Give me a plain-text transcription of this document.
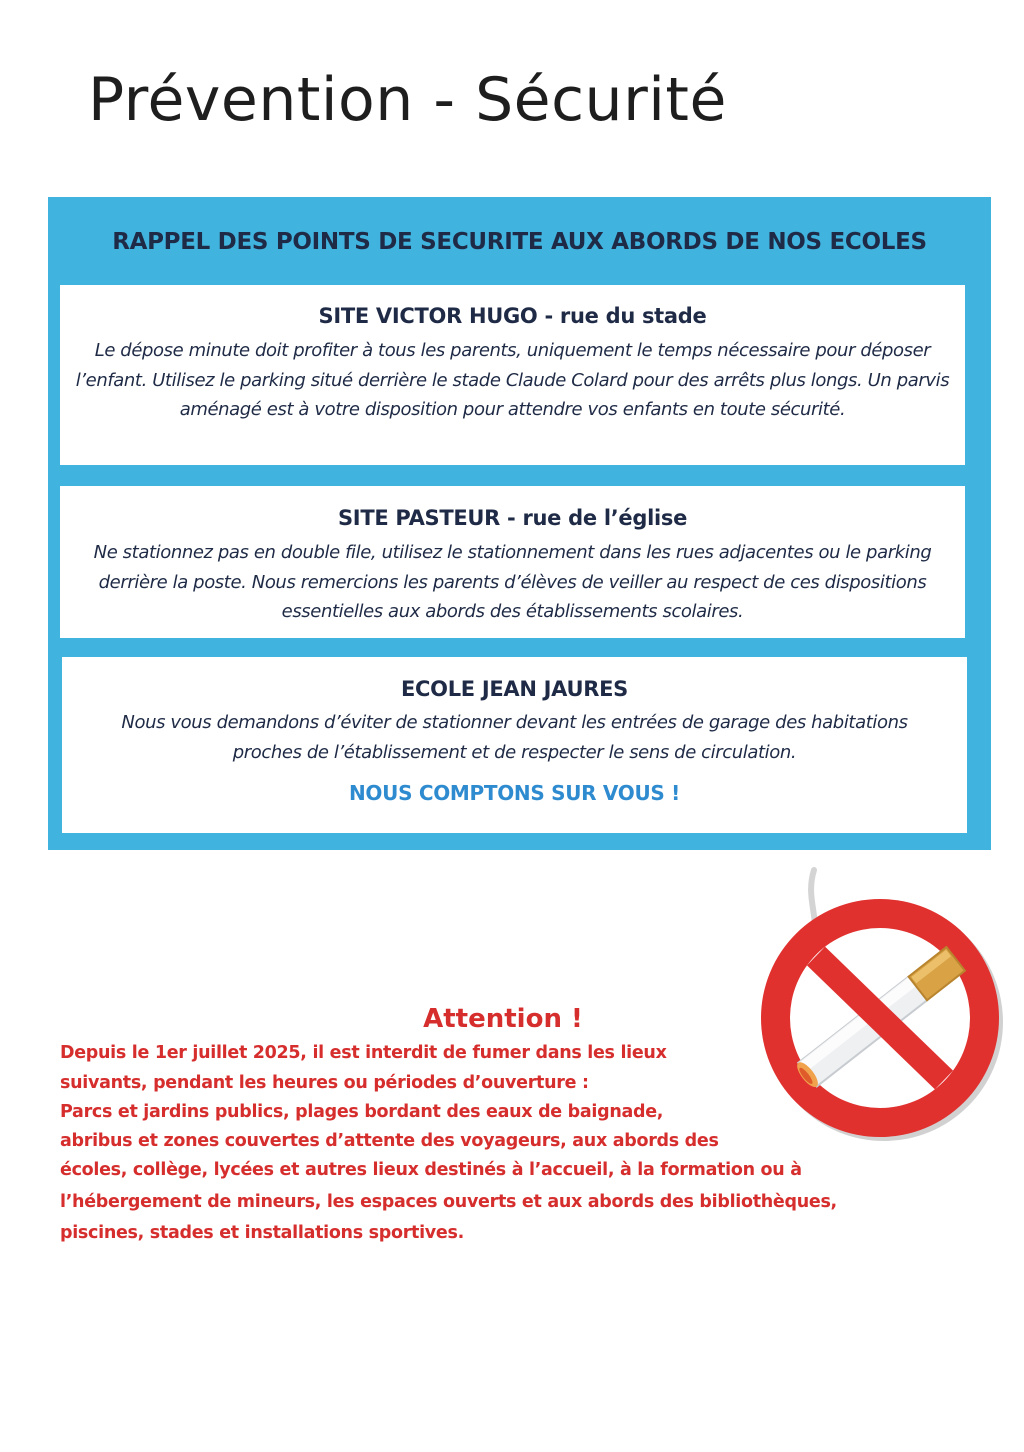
Prévention - Sécurité
RAPPEL DES POINTS DE SECURITE AUX ABORDS DE NOS ECOLES
SITE VICTOR HUGO - rue du stade

Le dépose minute doit profiter à tous les parents, uniquement le temps nécessaire pour déposer l’enfant. Utilisez le parking situé derrière le stade Claude Colard pour des arrêts plus longs. Un parvis aménagé est à votre disposition pour attendre vos enfants en toute sécurité.

SITE PASTEUR - rue de l’église

Ne stationnez pas en double file, utilisez le stationnement dans les rues adjacentes ou le parking derrière la poste. Nous remercions les parents d’élèves de veiller au respect de ces dispositions essentielles aux abords des établissements scolaires.

ECOLE JEAN JAURES

Nous vous demandons d’éviter de stationner devant les entrées de garage des habitations proches de l’établissement et de respecter le sens de circulation.

NOUS COMPTONS SUR VOUS !

Attention !

Depuis le 1er juillet 2025, il est interdit de fumer dans les lieux

suivants, pendant les heures ou périodes d’ouverture :

Parcs et jardins publics, plages bordant des eaux de baignade,

abribus et zones couvertes d’attente des voyageurs, aux abords des

écoles, collège, lycées et autres lieux destinés à l’accueil, à la formation ou à

l’hébergement de mineurs, les espaces ouverts et aux abords des bibliothèques,

piscines, stades et installations sportives.
